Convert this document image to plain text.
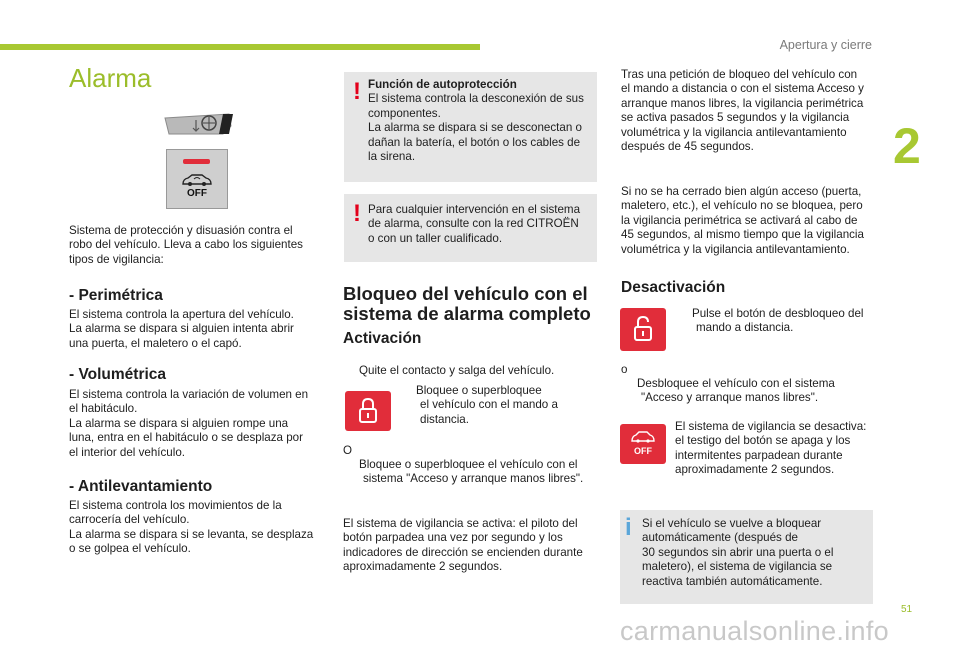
Apertura y cierre
2
Alarma
OFF
Sistema de protección y disuasión contra el
robo del vehículo. Lleva a cabo los siguientes
tipos de vigilancia:
- Perimétrica
El sistema controla la apertura del vehículo.
La alarma se dispara si alguien intenta abrir
una puerta, el maletero o el capó.
- Volumétrica
El sistema controla la variación de volumen en
el habitáculo.
La alarma se dispara si alguien rompe una
luna, entra en el habitáculo o se desplaza por
el interior del vehículo.
- Antilevantamiento
El sistema controla los movimientos de la
carrocería del vehículo.
La alarma se dispara si se levanta, se desplaza
o se golpea el vehículo.
! Función de autoprotección
El sistema controla la desconexión de sus
componentes.
La alarma se dispara si se desconectan o
dañan la batería, el botón o los cables de
la sirena.
! Para cualquier intervención en el sistema
de alarma, consulte con la red CITROËN
o con un taller cualificado.
Bloqueo del vehículo con el
sistema de alarma completo
Activación
Quite el contacto y salga del vehículo.
Bloquee o superbloquee
el vehículo con el mando a
distancia.
O
Bloquee o superbloquee el vehículo con el
sistema "Acceso y arranque manos libres".
El sistema de vigilancia se activa: el piloto del
botón parpadea una vez por segundo y los
indicadores de dirección se encienden durante
aproximadamente 2 segundos.
Tras una petición de bloqueo del vehículo con
el mando a distancia o con el sistema Acceso y
arranque manos libres, la vigilancia perimétrica
se activa pasados 5 segundos y la vigilancia
volumétrica y la vigilancia antilevantamiento
después de 45 segundos.
Si no se ha cerrado bien algún acceso (puerta,
maletero, etc.), el vehículo no se bloquea, pero
la vigilancia perimétrica se activará al cabo de
45 segundos, al mismo tiempo que la vigilancia
volumétrica y la vigilancia antilevantamiento.
Desactivación
Pulse el botón de desbloqueo del
mando a distancia.
o
Desbloquee el vehículo con el sistema
"Acceso y arranque manos libres".
OFF
El sistema de vigilancia se desactiva:
el testigo del botón se apaga y los
intermitentes parpadean durante
aproximadamente 2 segundos.
i Si el vehículo se vuelve a bloquear
automáticamente (después de
30 segundos sin abrir una puerta o el
maletero), el sistema de vigilancia se
reactiva también automáticamente.
51
carmanualsonline.info
